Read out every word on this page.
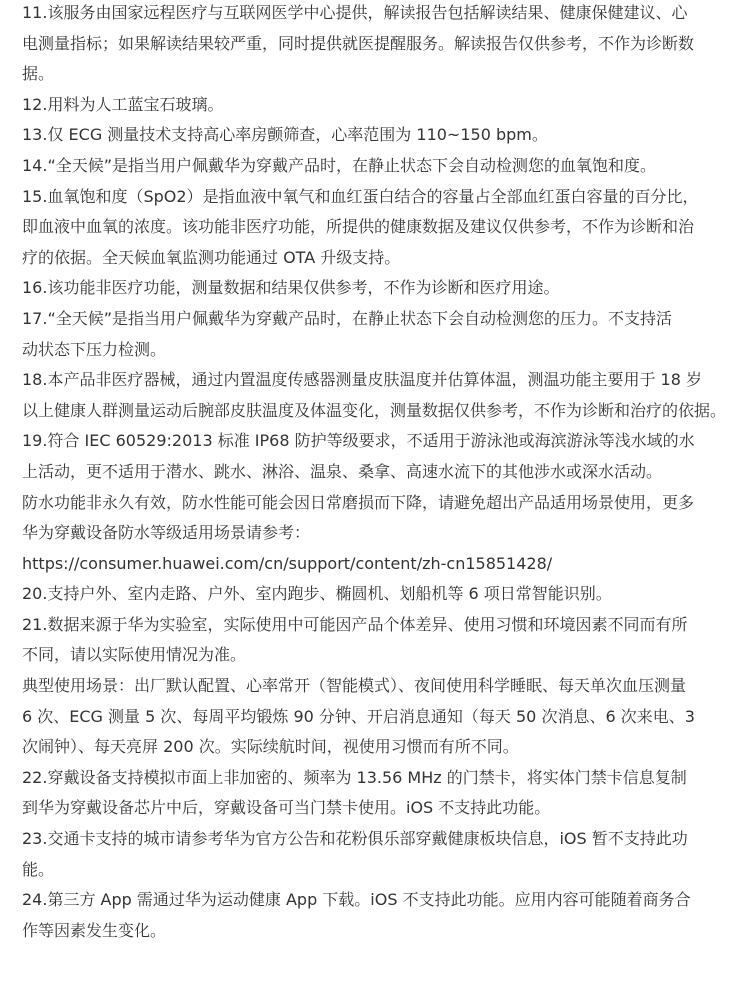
11.该服务由国家远程医疗与互联网医学中心提供，解读报告包括解读结果、健康保健建议、心
电测量指标；如果解读结果较严重，同时提供就医提醒服务。解读报告仅供参考，不作为诊断数
据。
12.用料为人工蓝宝石玻璃。
13.仅 ECG 测量技术支持高心率房颤筛查，心率范围为 110~150 bpm。
14.“全天候”是指当用户佩戴华为穿戴产品时，在静止状态下会自动检测您的血氧饱和度。
15.血氧饱和度（SpO2）是指血液中氧气和血红蛋白结合的容量占全部血红蛋白容量的百分比，
即血液中血氧的浓度。该功能非医疗功能，所提供的健康数据及建议仅供参考，不作为诊断和治
疗的依据。全天候血氧监测功能通过 OTA 升级支持。
16.该功能非医疗功能，测量数据和结果仅供参考，不作为诊断和医疗用途。
17.“全天候”是指当用户佩戴华为穿戴产品时，在静止状态下会自动检测您的压力。不支持活
动状态下压力检测。
18.本产品非医疗器械，通过内置温度传感器测量皮肤温度并估算体温，测温功能主要用于 18 岁
以上健康人群测量运动后腕部皮肤温度及体温变化，测量数据仅供参考，不作为诊断和治疗的依据。
19.符合 IEC 60529:2013 标准 IP68 防护等级要求，不适用于游泳池或海滨游泳等浅水域的水
上活动，更不适用于潜水、跳水、淋浴、温泉、桑拿、高速水流下的其他涉水或深水活动。
防水功能非永久有效，防水性能可能会因日常磨损而下降，请避免超出产品适用场景使用，更多
华为穿戴设备防水等级适用场景请参考：
https://consumer.huawei.com/cn/support/content/zh-cn15851428/
20.支持户外、室内走路、户外、室内跑步、椭圆机、划船机等 6 项日常智能识别。
21.数据来源于华为实验室，实际使用中可能因产品个体差异、使用习惯和环境因素不同而有所
不同，请以实际使用情况为准。
典型使用场景：出厂默认配置、心率常开（智能模式）、夜间使用科学睡眠、每天单次血压测量
6 次、ECG 测量 5 次、每周平均锻炼 90 分钟、开启消息通知（每天 50 次消息、6 次来电、3
次闹钟）、每天亮屏 200 次。实际续航时间，视使用习惯而有所不同。
22.穿戴设备支持模拟市面上非加密的、频率为 13.56 MHz 的门禁卡，将实体门禁卡信息复制
到华为穿戴设备芯片中后，穿戴设备可当门禁卡使用。iOS 不支持此功能。
23.交通卡支持的城市请参考华为官方公告和花粉俱乐部穿戴健康板块信息，iOS 暂不支持此功
能。
24.第三方 App 需通过华为运动健康 App 下载。iOS 不支持此功能。应用内容可能随着商务合
作等因素发生变化。
